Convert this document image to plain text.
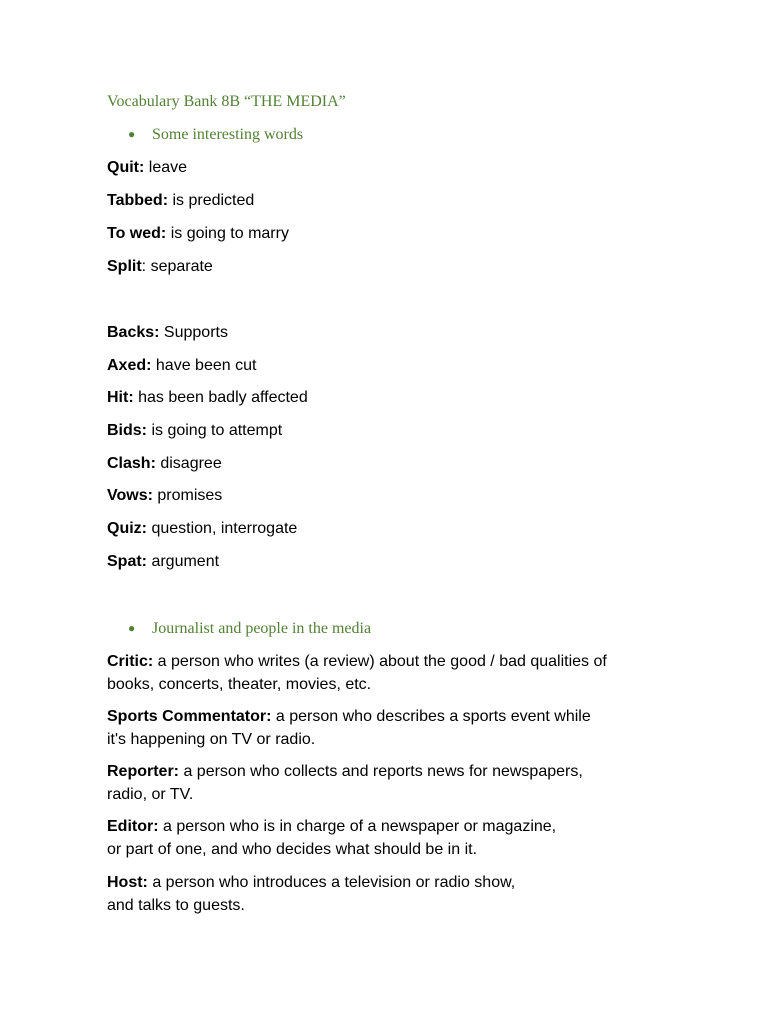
Vocabulary Bank 8B “THE MEDIA”
● Some interesting words
Quit: leave
Tabbed: is predicted
To wed: is going to marry
Split: separate
Backs: Supports
Axed: have been cut
Hit: has been badly affected
Bids: is going to attempt
Clash: disagree
Vows: promises
Quiz: question, interrogate
Spat: argument
● Journalist and people in the media
Critic: a person who writes (a review) about the good / bad qualities of
books, concerts, theater, movies, etc.
Sports Commentator: a person who describes a sports event while
it's happening on TV or radio.
Reporter: a person who collects and reports news for newspapers,
radio, or TV.
Editor: a person who is in charge of a newspaper or magazine,
or part of one, and who decides what should be in it.
Host: a person who introduces a television or radio show,
and talks to guests.
